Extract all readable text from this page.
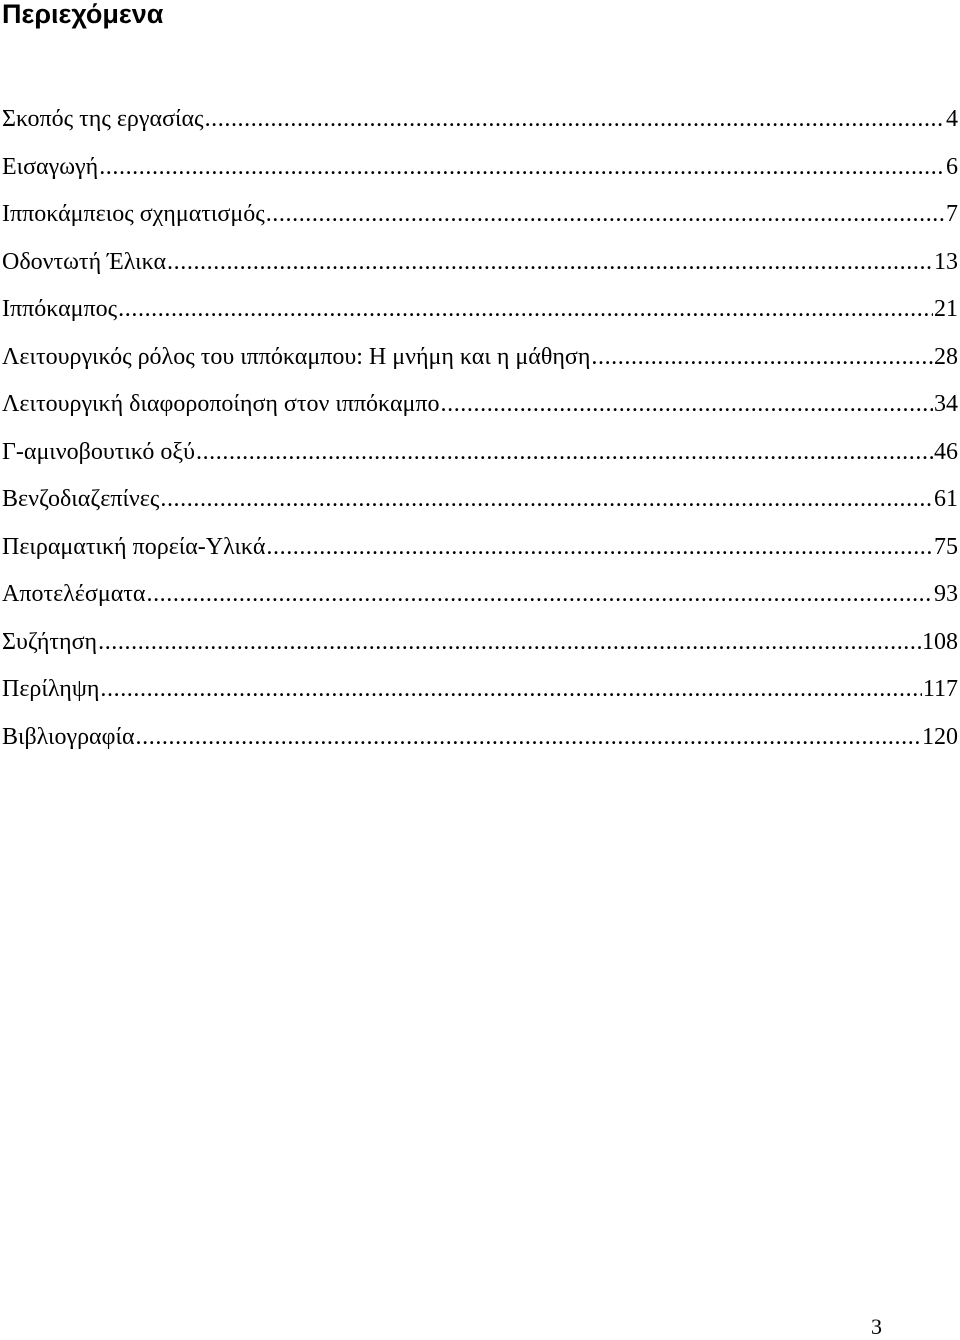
Περιεχόμενα
Σκοπός της εργασίας .....	4
Εισαγωγή .....	6
Ιπποκάμπειος σχηματισμός .....	7
Οδοντωτή Έλικα .....	13
Ιππόκαμπος .....	21
Λειτουργικός ρόλος του ιππόκαμπου: Η μνήμη και η μάθηση .....	28
Λειτουργική διαφοροποίηση στον ιππόκαμπο .....	34
Γ-αμινοβουτικό οξύ .....	46
Βενζοδιαζεπίνες .....	61
Πειραματική πορεία-Υλικά .....	75
Αποτελέσματα .....	93
Συζήτηση .....	108
Περίληψη .....	117
Βιβλιογραφία .....	120
3
